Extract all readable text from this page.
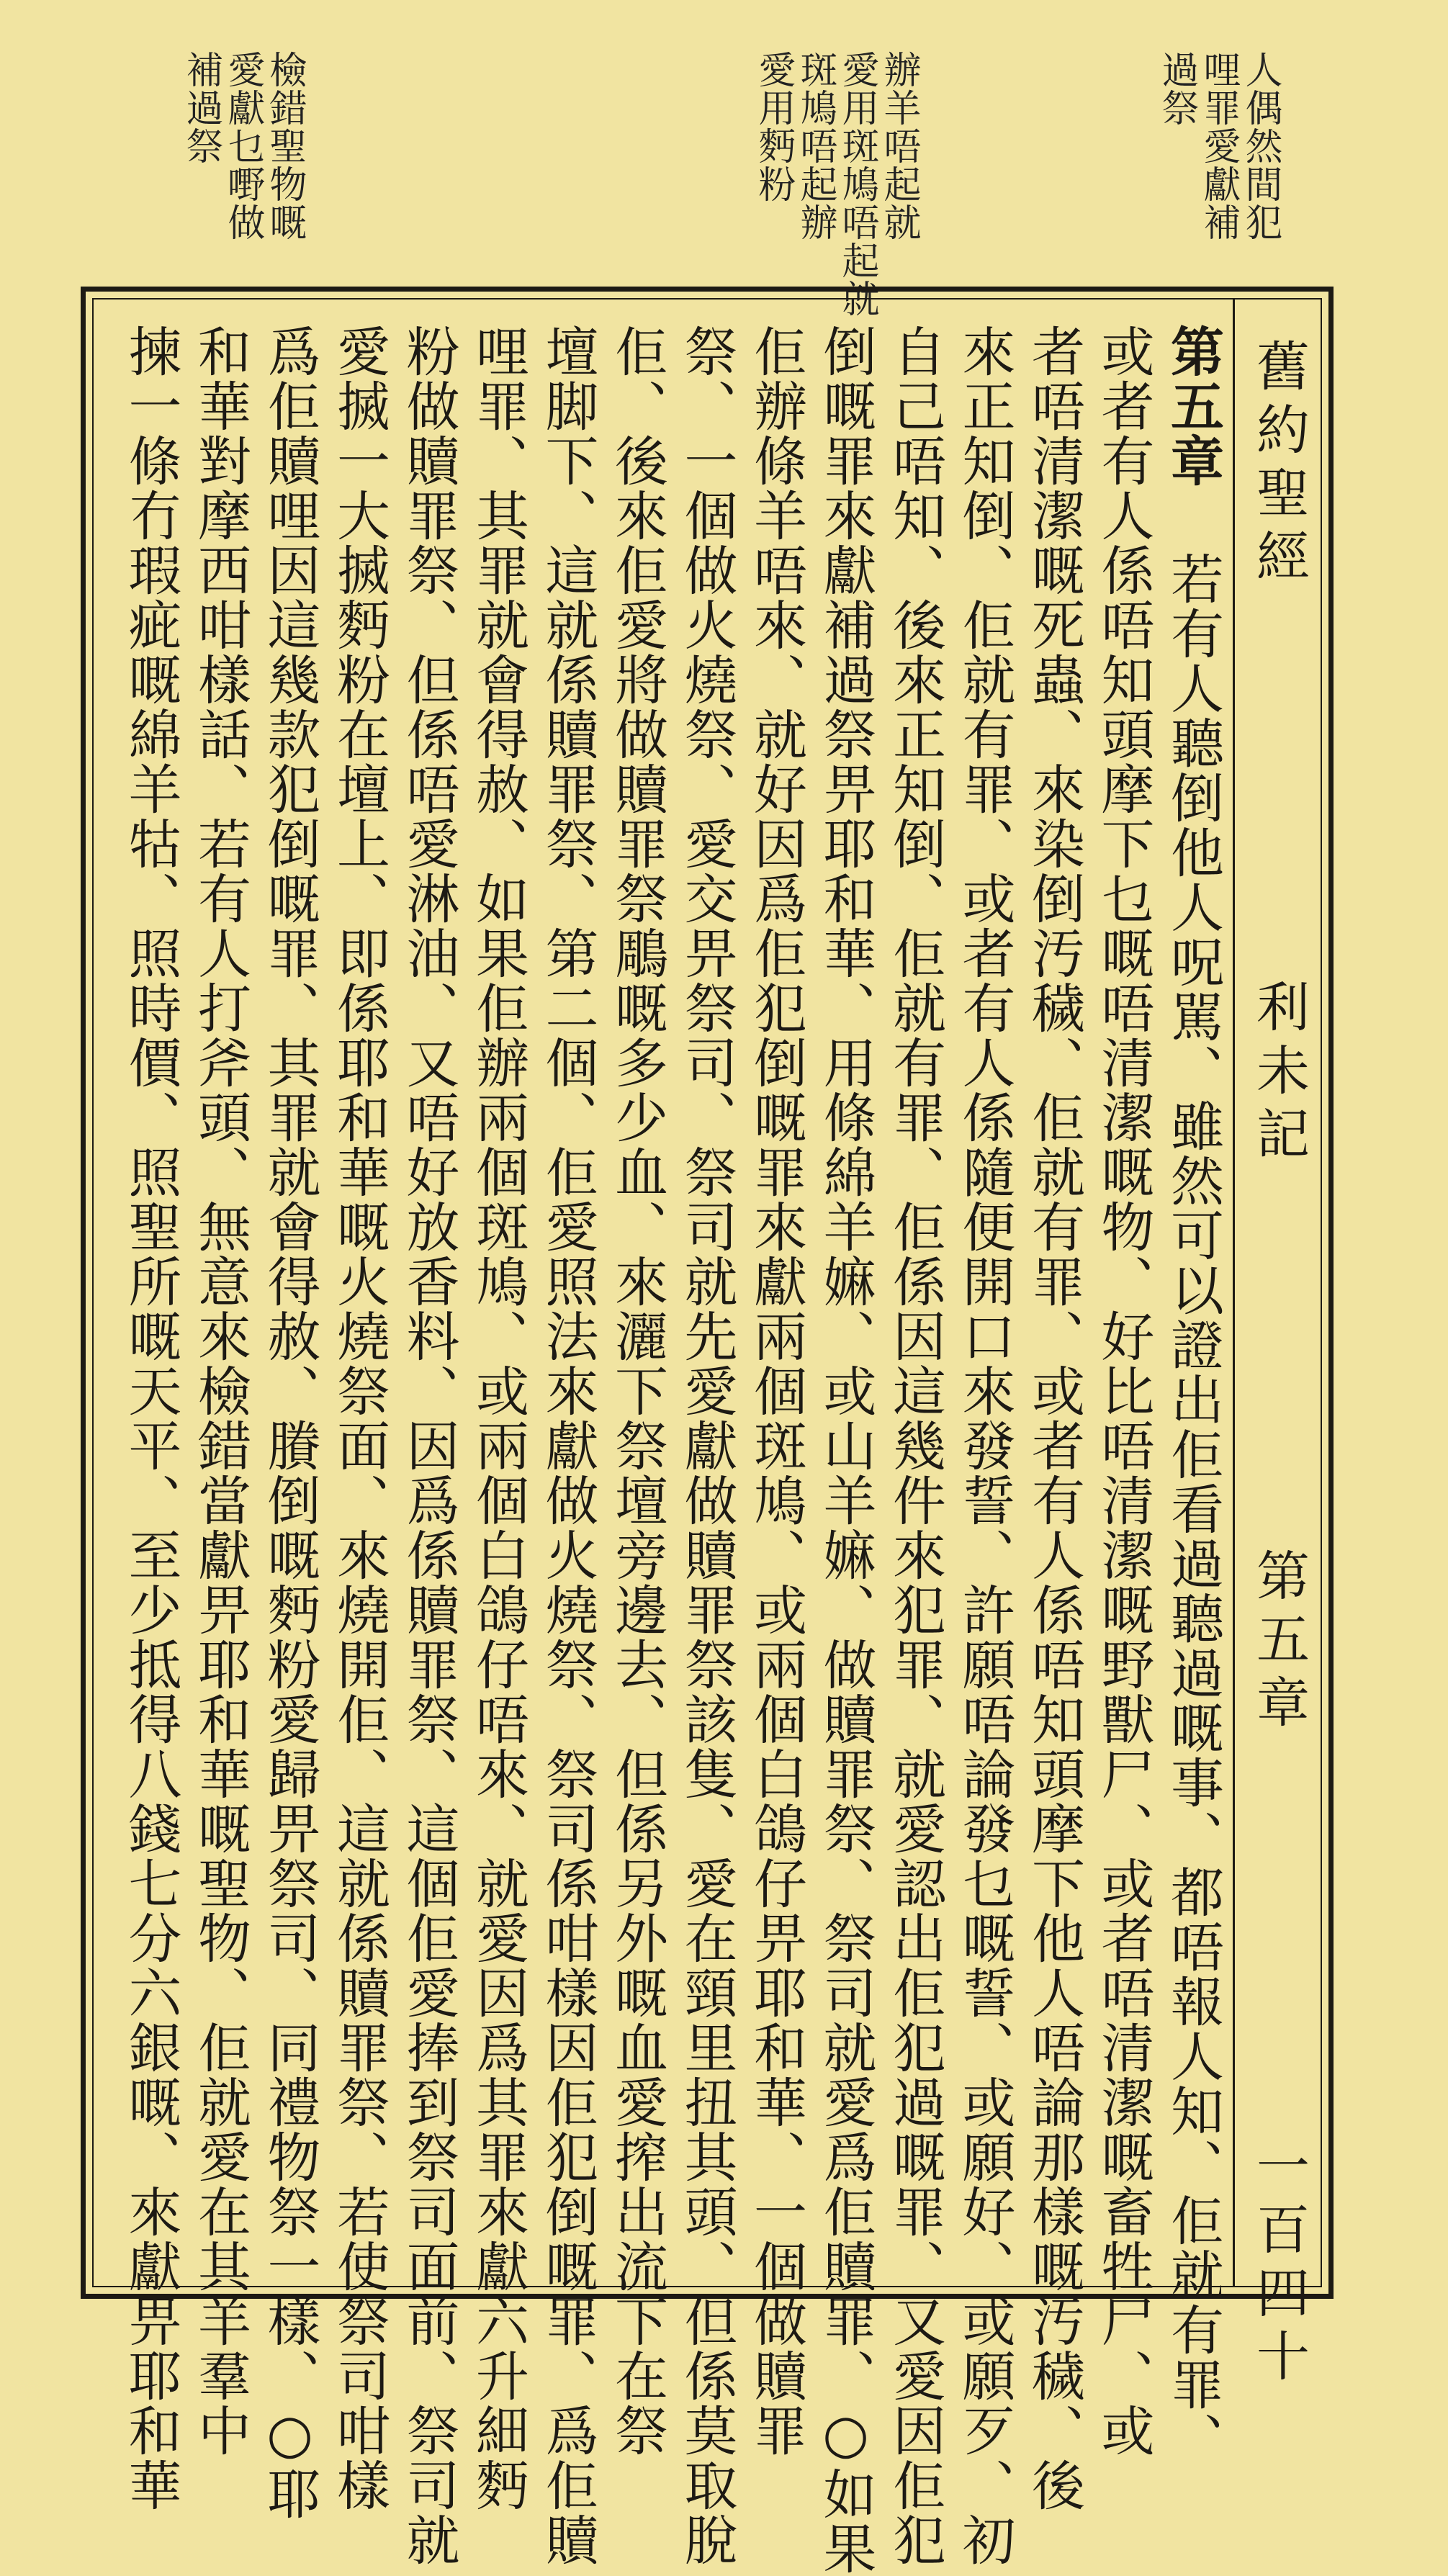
人偶然間犯
哩罪愛獻補
過祭
辦羊唔起就
愛用斑鳩唔起就
斑鳩唔起辦
愛用麪粉
檢錯聖物嘅
愛獻乜嘢做
補過祭
舊約聖經
利未記
第五章
一百四十
第五章 若有人聽倒他人呪駡、雖然可以證出佢看過聽過嘅事、都唔報人知、佢就有罪、
或者有人係唔知頭摩下乜嘅唔清潔嘅物、好比唔清潔嘅野獸尸、或者唔清潔嘅畜牲尸、或
者唔清潔嘅死蟲、來染倒汚穢、佢就有罪、或者有人係唔知頭摩下他人唔論那樣嘅汚穢、後
來正知倒、佢就有罪、或者有人係隨便開口來發誓、許願唔論發乜嘅誓、或願好、或願歹、初
自己唔知、後來正知倒、佢就有罪、佢係因這幾件來犯罪、就愛認出佢犯過嘅罪、又愛因佢犯
倒嘅罪來獻補過祭畀耶和華、用條綿羊嫲、或山羊嫲、做贖罪祭、祭司就愛爲佢贖罪、○如果
佢辦條羊唔來、就好因爲佢犯倒嘅罪來獻兩個斑鳩、或兩個白鴿仔畀耶和華、一個做贖罪
祭、一個做火燒祭、愛交畀祭司、祭司就先愛獻做贖罪祭該隻、愛在頸里扭其頭、但係莫取脫
佢、後來佢愛將做贖罪祭鵰嘅多少血、來灑下祭壇旁邊去、但係另外嘅血愛搾出流下在祭
壇脚下、這就係贖罪祭、第二個、佢愛照法來獻做火燒祭、祭司係咁樣因佢犯倒嘅罪、爲佢贖
哩罪、其罪就會得赦、如果佢辦兩個斑鳩、或兩個白鴿仔唔來、就愛因爲其罪來獻六升細麪
粉做贖罪祭、但係唔愛淋油、又唔好放香料、因爲係贖罪祭、這個佢愛捧到祭司面前、祭司就
愛搣一大搣麪粉在壇上、即係耶和華嘅火燒祭面、來燒開佢、這就係贖罪祭、若使祭司咁樣
爲佢贖哩因這幾款犯倒嘅罪、其罪就會得赦、賸倒嘅麪粉愛歸畀祭司、同禮物祭一樣、○耶
和華對摩西咁樣話、若有人打斧頭、無意來檢錯當獻畀耶和華嘅聖物、佢就愛在其羊羣中
揀一條冇瑕疵嘅綿羊牯、照時價、照聖所嘅天平、至少抵得八錢七分六銀嘅、來獻畀耶和華
